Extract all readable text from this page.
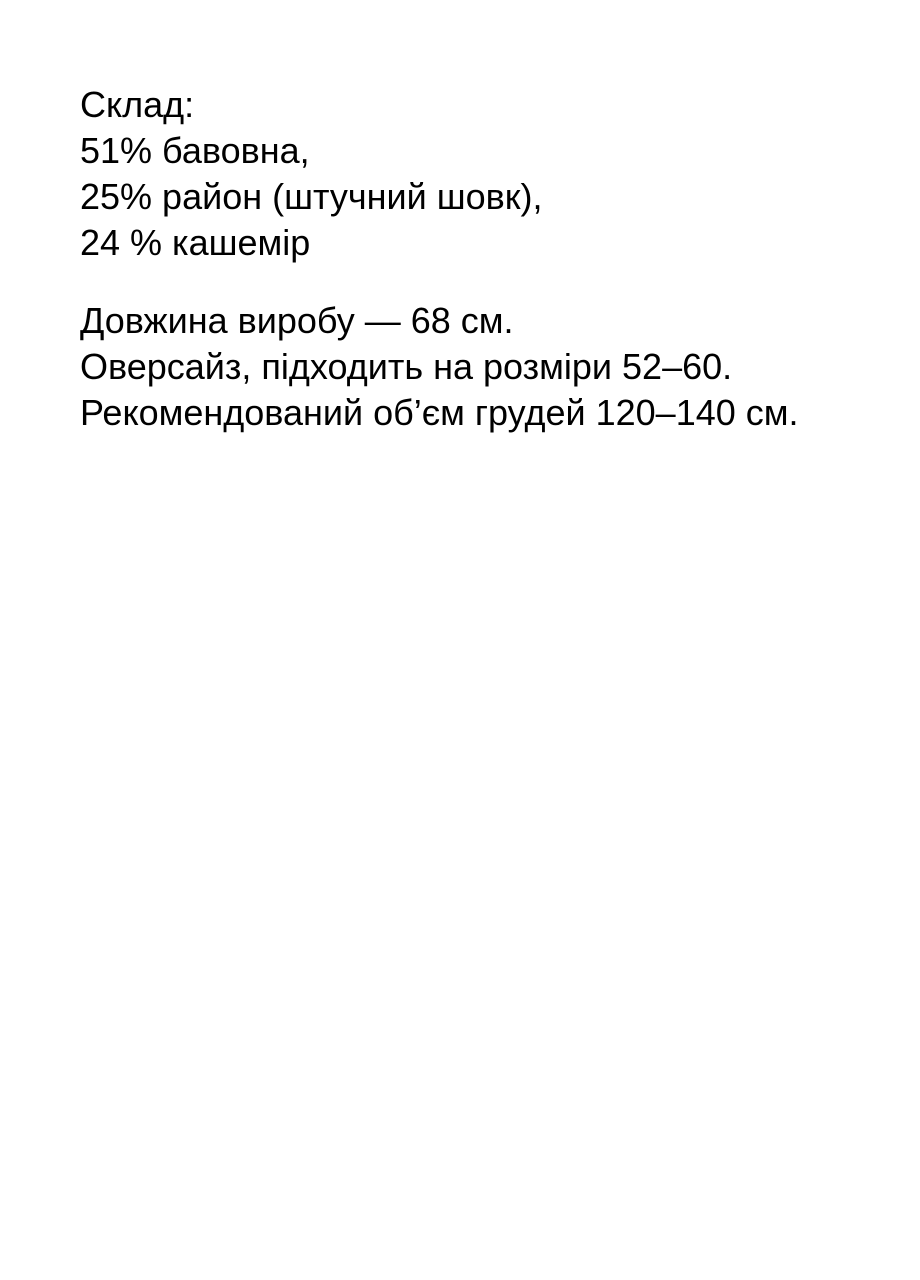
Склад:
51% бавовна,
25% район (штучний шовк),
24 % кашемір
Довжина виробу — 68 см.
Оверсайз, підходить на розміри 52–60.
Рекомендований об’єм грудей 120–140 см.
